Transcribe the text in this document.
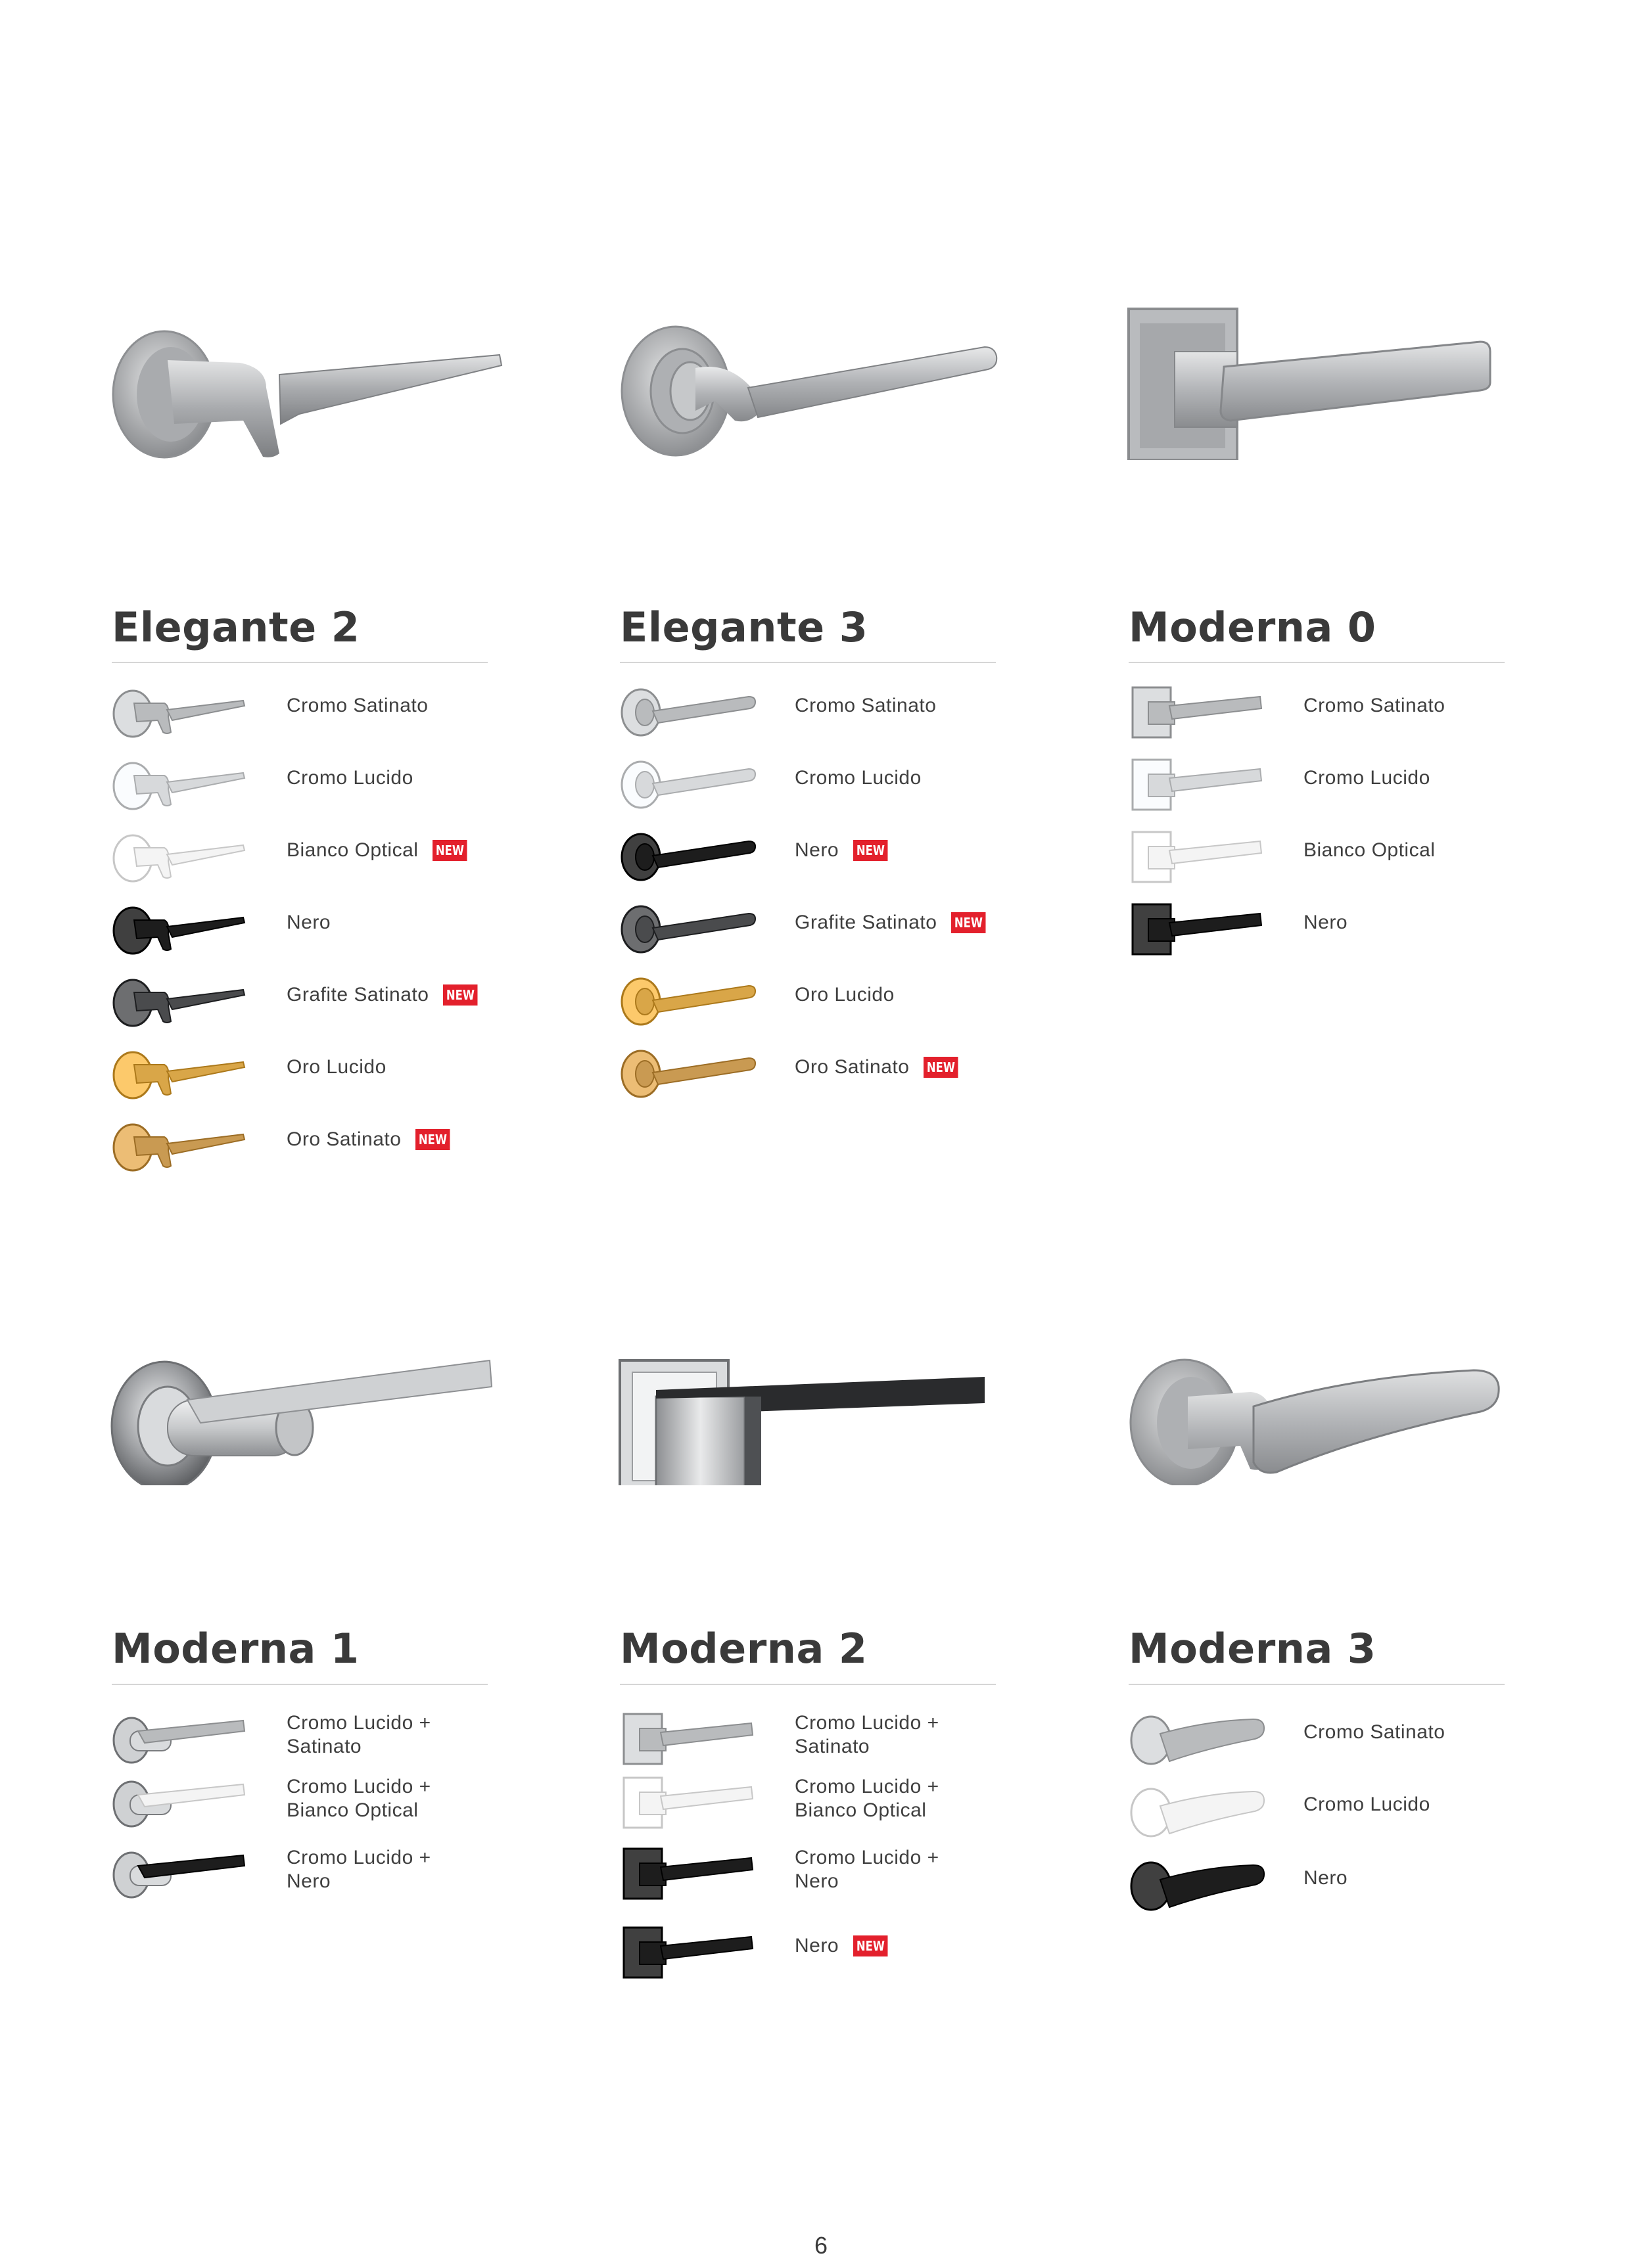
Elegante 2
Cromo Satinato
Cromo Lucido
Bianco Optical NEW
Nero
Grafite Satinato NEW
Oro Lucido
Oro Satinato NEW
Elegante 3
Cromo Satinato
Cromo Lucido
Nero NEW
Grafite Satinato NEW
Oro Lucido
Oro Satinato NEW
Moderna 0
Cromo Satinato
Cromo Lucido
Bianco Optical
Nero
Moderna 1
Cromo Lucido +
Satinato
Cromo Lucido +
Bianco Optical
Cromo Lucido +
Nero
Moderna 2
Cromo Lucido +
Satinato
Cromo Lucido +
Bianco Optical
Cromo Lucido +
Nero
Nero NEW
Moderna 3
Cromo Satinato
Cromo Lucido
Nero
6
